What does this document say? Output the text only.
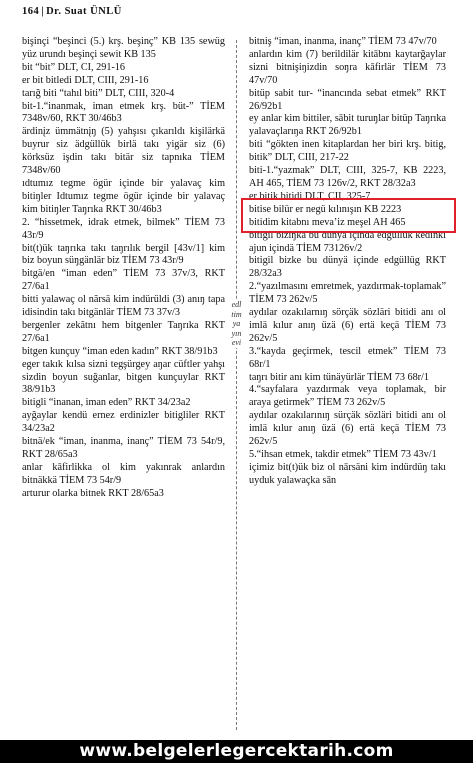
164 | Dr. Suat ÜNLÜ
bişinçi “beşinci (5.) krş. beşinç” KB 135 sewüg yüz urundı beşinçi sewit KB 135
bit “bit” DLT, CI, 291-16
er bit bitledi DLT, CIII, 291-16
tarığ biti “tahıl biti” DLT, CIII, 320-4
bit-1.“inanmak, iman etmek krş. büt-” TİEM 7348v/60, RKT 30/46b3
ärdinįz ümmätnįŋ (5) yahşısı çıkarıldı kişilärkä buyrur siz ädgüllük birlä takı yigär siz (6) körksüz işdin takı bitär siz tapnıka TİEM 7348v/60
ıdtumız tegme ögür içinde bir yalavaç kim bitiŋler Idtumız tegme ögür içinde bir yalavaç kim bitiŋler Taŋrıka RKT 30/46b3
2. “hissetmek, idrak etmek, bilmek” TİEM 73 43r/9
bit(t)ük taŋrıka takı taŋrılık bergil [43v/1] kim biz boyun süŋgänlär biz TİEM 73 43r/9
bitgä/en “iman eden” TİEM 73 37v/3, RKT 27/6a1
bitti yalawaç ol nãrsä kim indürüldi (3) anıŋ tapa idisindin takı bitgänlär TİEM 73 37v/3
bergenler zekãtnı hem bitgenler Taŋrıka RKT 27/6a1
bitgen kunçuy “iman eden kadın” RKT 38/91b3
eger takık kılsa sizni tegşürgey aŋar cüftler yahşı sizdin boyun suğanlar, bitgen kunçuylar RKT 38/91b3
bitigli “inanan, iman eden” RKT 34/23a2
ayğaylar kendü ernez erdinizler bitigliler RKT 34/23a2
bitnä/ek “iman, inanma, inanç” TİEM 73 54r/9, RKT 28/65a3
anlar kāfirlikka ol kim yakınrak anlardın bitnäkkä TİEM 73 54r/9
arturur olarka bitnek RKT 28/65a3
edltimyayınevi
bitniş “iman, inanma, inanç” TİEM 73 47v/70
anlardın kim (7) berildilär kitābnı kaytarğaylar sizni bitnişiŋizdin soŋra kāfirlär TİEM 73 47v/70
bitüp sabit tur- “inancında sebat etmek” RKT 26/92b1
ey anlar kim bittiler, sābit turuŋlar bitüp Taŋrıka yalavaçlarıŋa RKT 26/92b1
biti “gökten inen kitaplardan her biri krş. bitig, bitik” DLT, CIII, 217-22
biti-1.“yazmak” DLT, CIII, 325-7, KB 2223, AH 465, TİEM 73 126v/2, RKT 28/32a3
er bitik bitidi DLT, CII, 325-7
bitise bilür er negü kılınışın KB 2223
bitidim kitabnı meva’iz meşel AH 465
bitigil biziŋkä bu dünyä içindä edgüllük kedinki ajun içindä TİEM 73126v/2
bitigil bizke bu dünyä içinde edgüllüg RKT 28/32a3
2.“yazılmasını emretmek, yazdırmak-toplamak” TİEM 73 262v/5
aydılar ozakılarnıŋ sörçäk sözläri bitidi anı ol imlä kılur anıŋ üzä (6) ertä keçä TİEM 73 262v/5
3.“kayda geçirmek, tescil etmek” TİEM 73 68r/1
taŋrı bitir anı kim tünäyürlär TİEM 73 68r/1
4.“sayfalara yazdırmak veya toplamak, bir araya getirmek” TİEM 73 262v/5
aydılar ozakılarınıŋ sürçäk sözläri bitidi anı ol imlä kılur anıŋ üzä (6) ertä keçä TİEM 73 262v/5
5.“ihsan etmek, takdir etmek” TİEM 73 43v/1
içimiz bit(t)ük biz ol nārsäni kim indürdüŋ takı uyduk yalawaçka sān
www.belgelerlegercektarih.com
